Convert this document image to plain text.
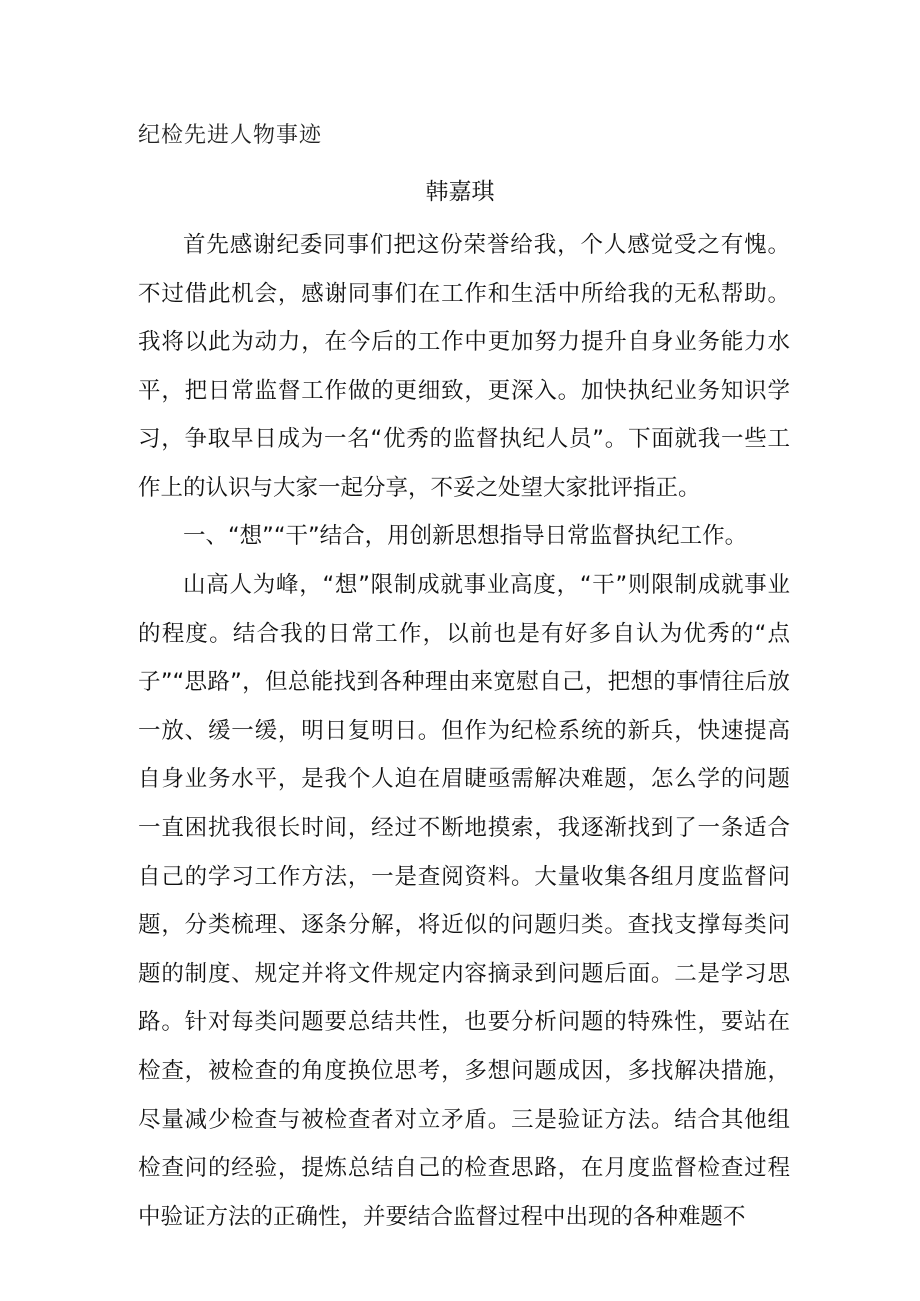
纪检先进人物事迹
韩嘉琪

首先感谢纪委同事们把这份荣誉给我，个人感觉受之有愧。不过借此机会，感谢同事们在工作和生活中所给我的无私帮助。我将以此为动力，在今后的工作中更加努力提升自身业务能力水平，把日常监督工作做的更细致，更深入。加快执纪业务知识学习，争取早日成为一名“优秀的监督执纪人员”。下面就我一些工作上的认识与大家一起分享，不妥之处望大家批评指正。

一、“想”“干”结合，用创新思想指导日常监督执纪工作。

山高人为峰，“想”限制成就事业高度，“干”则限制成就事业的程度。结合我的日常工作，以前也是有好多自认为优秀的“点子”“思路”，但总能找到各种理由来宽慰自己，把想的事情往后放一放、缓一缓，明日复明日。但作为纪检系统的新兵，快速提高自身业务水平，是我个人迫在眉睫亟需解决难题，怎么学的问题一直困扰我很长时间，经过不断地摸索，我逐渐找到了一条适合自己的学习工作方法，一是查阅资料。大量收集各组月度监督问题，分类梳理、逐条分解，将近似的问题归类。查找支撑每类问题的制度、规定并将文件规定内容摘录到问题后面。二是学习思路。针对每类问题要总结共性，也要分析问题的特殊性，要站在检查，被检查的角度换位思考，多想问题成因，多找解决措施，尽量减少检查与被检查者对立矛盾。三是验证方法。结合其他组检查问的经验，提炼总结自己的检查思路，在月度监督检查过程中验证方法的正确性，并要结合监督过程中出现的各种难题不
